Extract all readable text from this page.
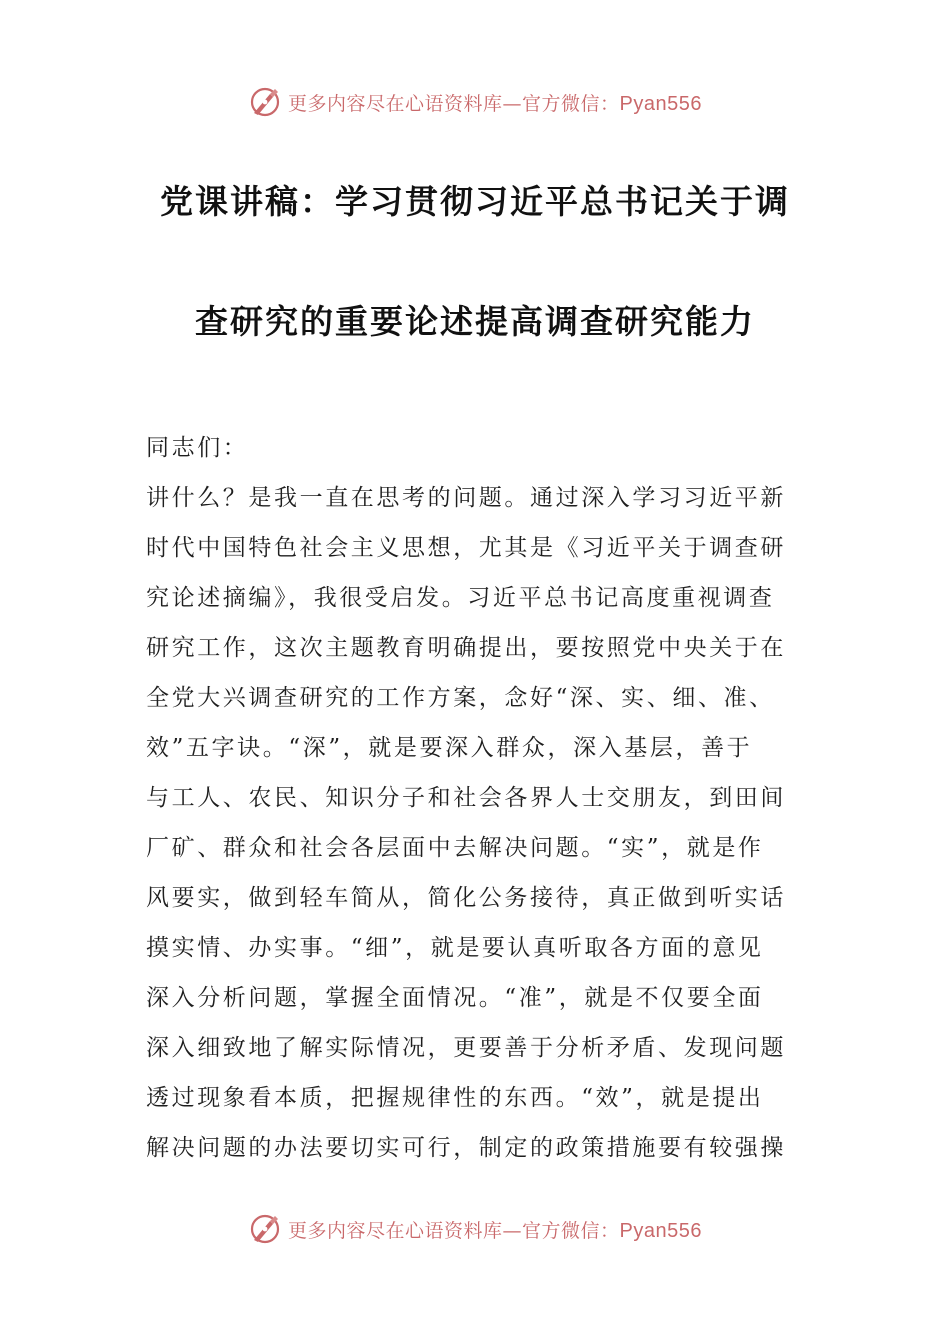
更多内容尽在心语资料库—官方微信：Pyan556
党课讲稿：学习贯彻习近平总书记关于调
查研究的重要论述提高调查研究能力
同志们：
讲什么？是我一直在思考的问题。通过深入学习习近平新
时代中国特色社会主义思想，尤其是《习近平关于调查研
究论述摘编》，我很受启发。习近平总书记高度重视调查
研究工作，这次主题教育明确提出，要按照党中央关于在
全党大兴调查研究的工作方案，念好“深、实、细、准、
效”五字诀。“深”，就是要深入群众，深入基层，善于
与工人、农民、知识分子和社会各界人士交朋友，到田间
厂矿、群众和社会各层面中去解决问题。“实”，就是作
风要实，做到轻车简从，简化公务接待，真正做到听实话
摸实情、办实事。“细”，就是要认真听取各方面的意见
深入分析问题，掌握全面情况。“准”，就是不仅要全面
深入细致地了解实际情况，更要善于分析矛盾、发现问题
透过现象看本质，把握规律性的东西。“效”，就是提出
解决问题的办法要切实可行，制定的政策措施要有较强操
更多内容尽在心语资料库—官方微信：Pyan556
